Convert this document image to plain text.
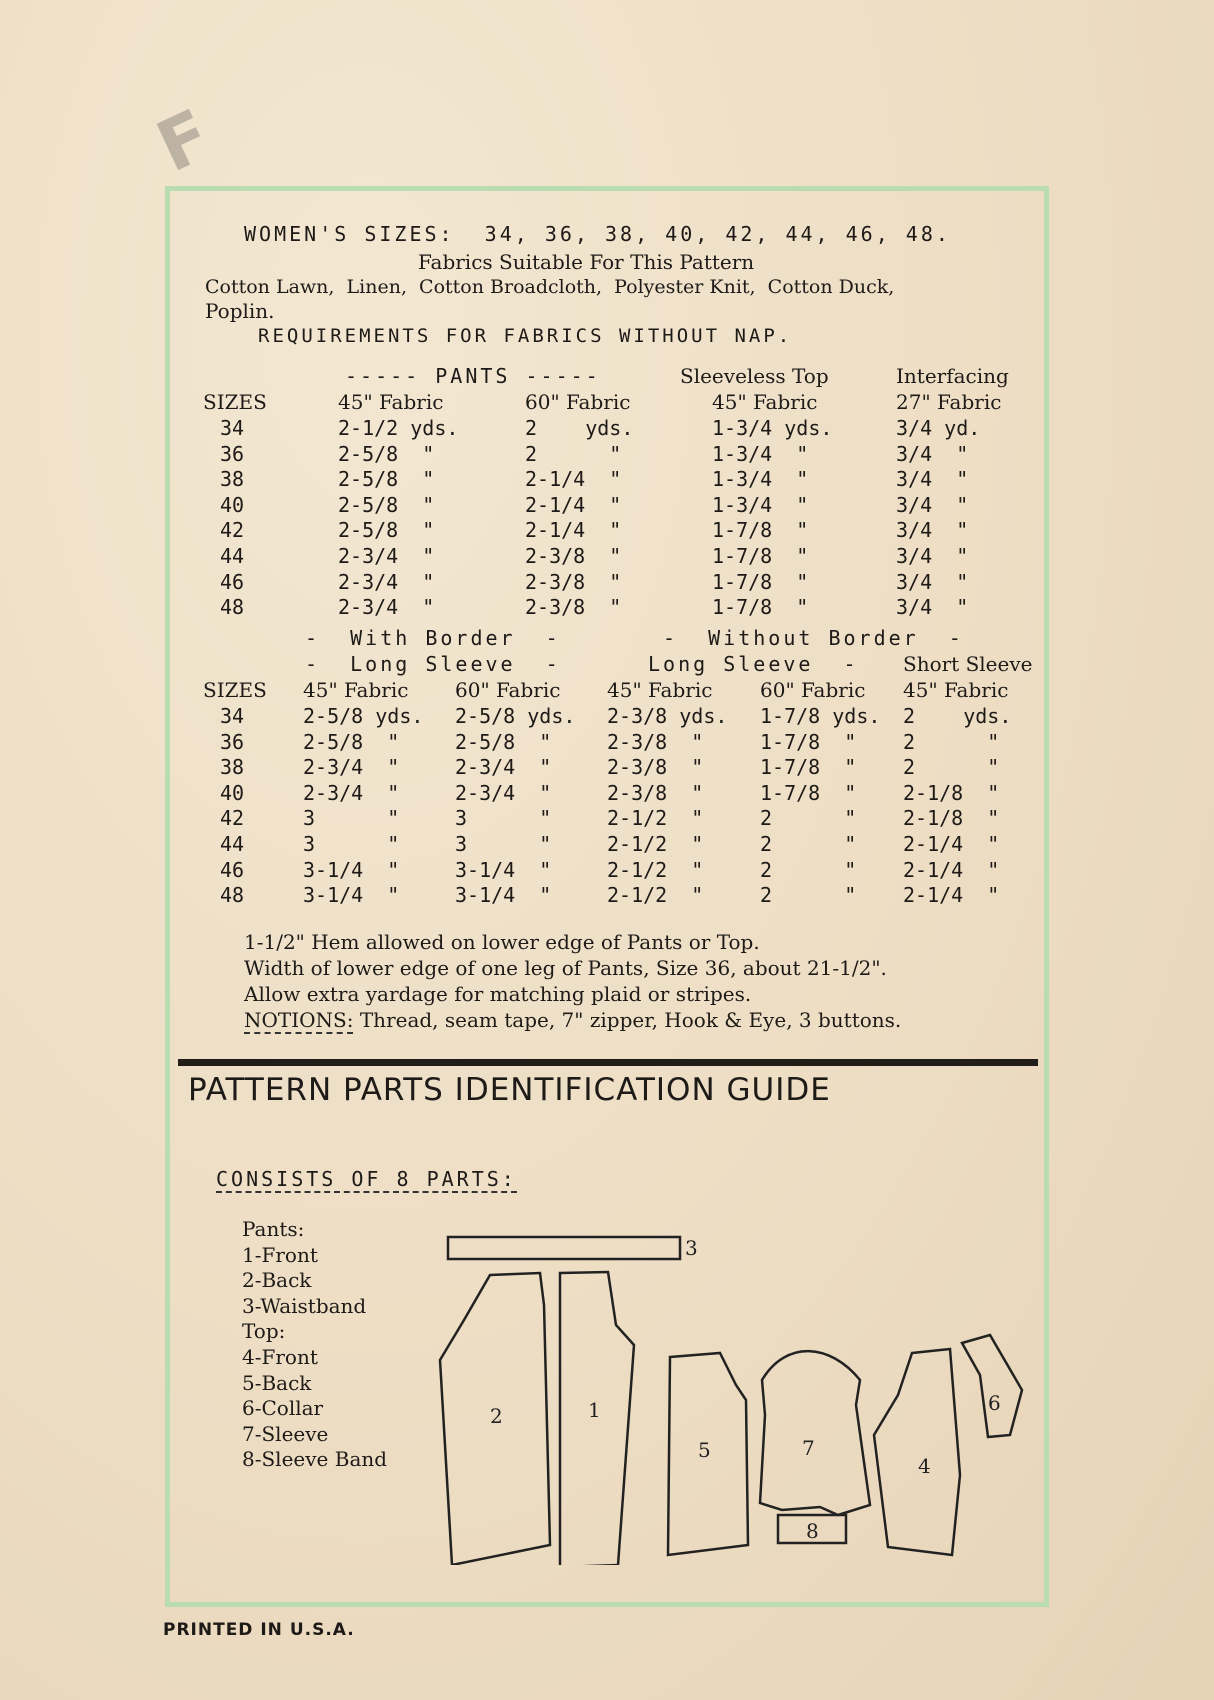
F
WOMEN'S SIZES:  34, 36, 38, 40, 42, 44, 46, 48.
Fabrics Suitable For This Pattern
Cotton Lawn,  Linen,  Cotton Broadcloth,  Polyester Knit,  Cotton Duck,
Poplin.
REQUIREMENTS FOR FABRICS WITHOUT NAP.
----- PANTS -----	Sleeveless Top	Interfacing
SIZES	45" Fabric	60" Fabric	45" Fabric	27" Fabric
34	2-1/2 yds.	2    yds.	1-3/4 yds.	3/4 yd.
36	2-5/8  "	2      "	1-3/4  "	3/4  "
38	2-5/8  "	2-1/4  "	1-3/4  "	3/4  "
40	2-5/8  "	2-1/4  "	1-3/4  "	3/4  "
42	2-5/8  "	2-1/4  "	1-7/8  "	3/4  "
44	2-3/4  "	2-3/8  "	1-7/8  "	3/4  "
46	2-3/4  "	2-3/8  "	1-7/8  "	3/4  "
48	2-3/4  "	2-3/8  "	1-7/8  "	3/4  "
-  With Border  -	-  Without Border  -
-  Long Sleeve  -	Long Sleeve  - Short Sleeve
SIZES 45" Fabric 60" Fabric 45" Fabric 60" Fabric 45" Fabric
34	2-5/8 yds. 2-5/8 yds. 2-3/8 yds. 1-7/8 yds. 2    yds.
36	2-5/8  "	2-5/8  "	2-3/8  "	1-7/8  " 2      "
38	2-3/4  "	2-3/4  "	2-3/8  "	1-7/8  " 2      "
40	2-3/4  "	2-3/4  "	2-3/8  "	1-7/8  " 2-1/8  "
42	3      "	3      "	2-1/2  "	2      " 2-1/8  "
44	3      "	3      "	2-1/2  "	2      " 2-1/4  "
46	3-1/4  "	3-1/4  "	2-1/2  "	2      " 2-1/4  "
48	3-1/4  "	3-1/4  "	2-1/2  "	2      " 2-1/4  "
1-1/2" Hem allowed on lower edge of Pants or Top.
Width of lower edge of one leg of Pants, Size 36, about 21-1/2".
Allow extra yardage for matching plaid or stripes.
NOTIONS: Thread, seam tape, 7" zipper, Hook & Eye, 3 buttons.
PATTERN PARTS IDENTIFICATION GUIDE
CONSISTS OF 8 PARTS:
Pants:
1-Front
2-Back
3-Waistband
Top:
4-Front
5-Back
6-Collar
7-Sleeve
8-Sleeve Band
1
2
3
4
5
6
7
8
PRINTED IN U.S.A.
